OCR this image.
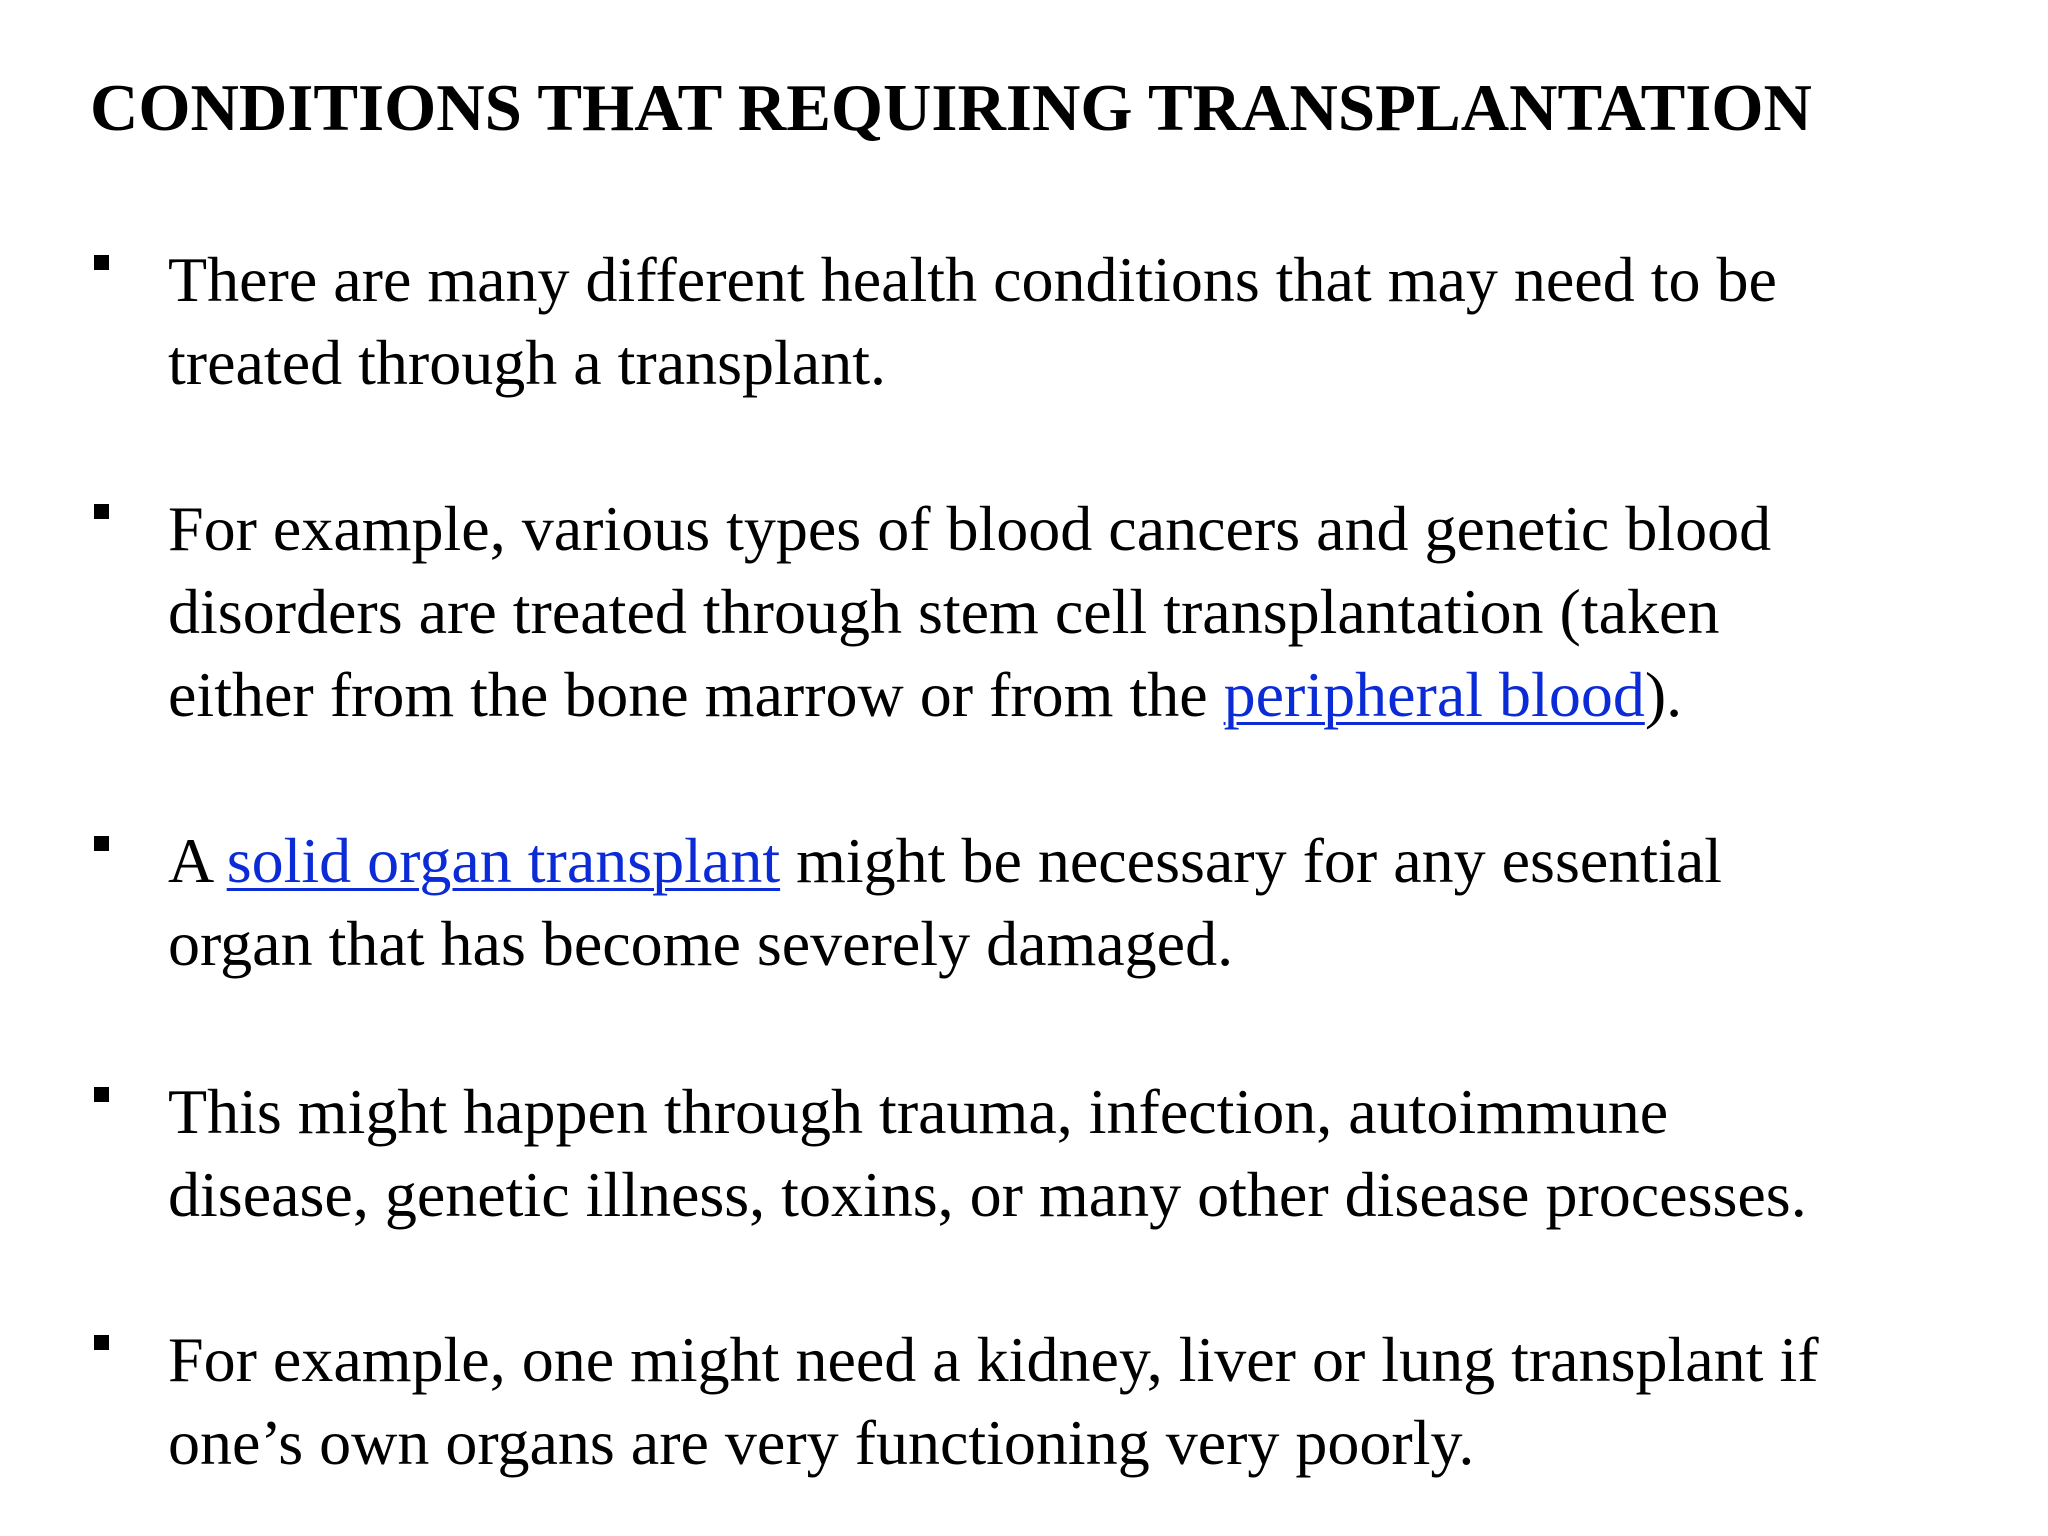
CONDITIONS THAT REQUIRING TRANSPLANTATION

There are many different health conditions that may need to be
treated through a transplant.

For example, various types of blood cancers and genetic blood
disorders are treated through stem cell transplantation (taken
either from the bone marrow or from the peripheral blood).

A solid organ transplant might be necessary for any essential
organ that has become severely damaged.

This might happen through trauma, infection, autoimmune
disease, genetic illness, toxins, or many other disease processes.

For example, one might need a kidney, liver or lung transplant if
one’s own organs are very functioning very poorly.
